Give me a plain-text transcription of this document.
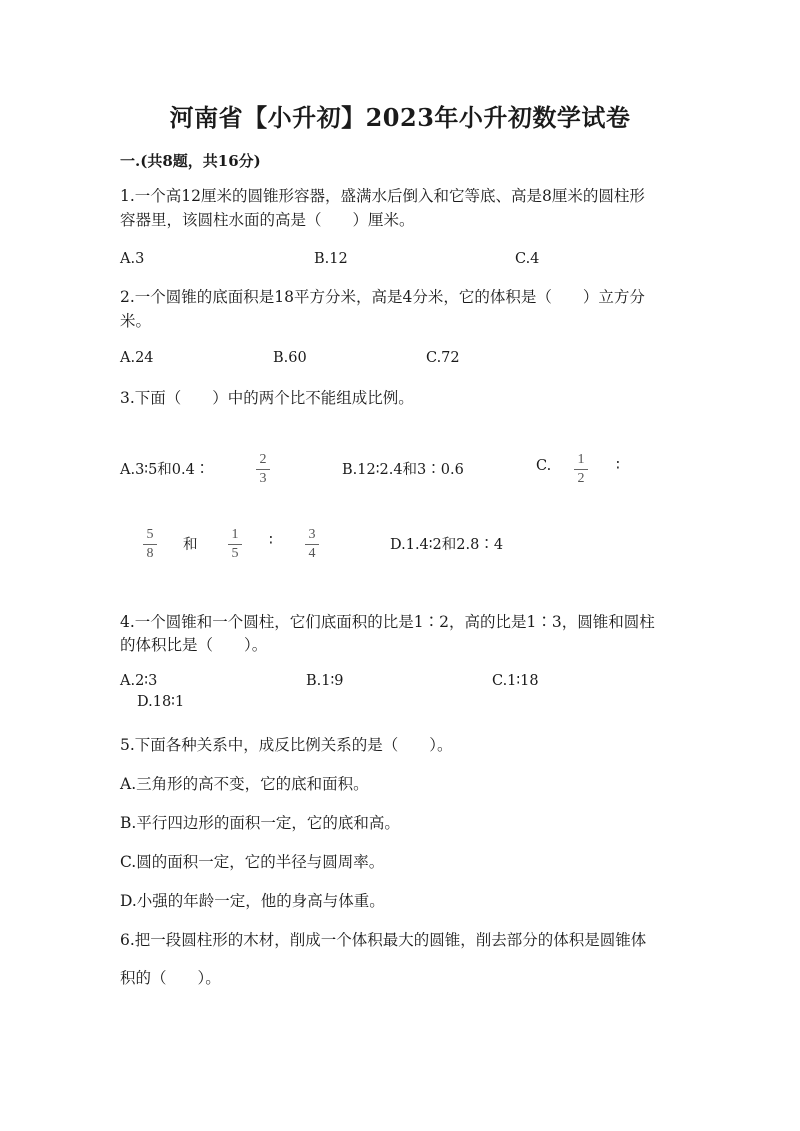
河南省【小升初】2023年小升初数学试卷
一.(共8题，共16分)
1.一个高12厘米的圆锥形容器，盛满水后倒入和它等底、高是8厘米的圆柱形
容器里，该圆柱水面的高是（　　）厘米。
A.3	B.12	C.4
2.一个圆锥的底面积是18平方分米，高是4分米，它的体积是（　　）立方分
米。
A.24	B.60	C.72
3.下面（　　）中的两个比不能组成比例。
A.3∶5和0.4∶
2
3
B.12∶2.4和3∶0.6	C. 1
2
∶
5
8
和
1
5
∶	3
4
D.1.4∶2和2.8∶4
4.一个圆锥和一个圆柱，它们底面积的比是1∶2，高的比是1∶3，圆锥和圆柱
的体积比是（　　）。
A.2∶3	B.1∶9	C.1∶18
D.18∶1
5.下面各种关系中，成反比例关系的是（　　）。
A.三角形的高不变，它的底和面积。
B.平行四边形的面积一定，它的底和高。
C.圆的面积一定，它的半径与圆周率。
D.小强的年龄一定，他的身高与体重。
6.把一段圆柱形的木材，削成一个体积最大的圆锥，削去部分的体积是圆锥体
积的（　　）。
